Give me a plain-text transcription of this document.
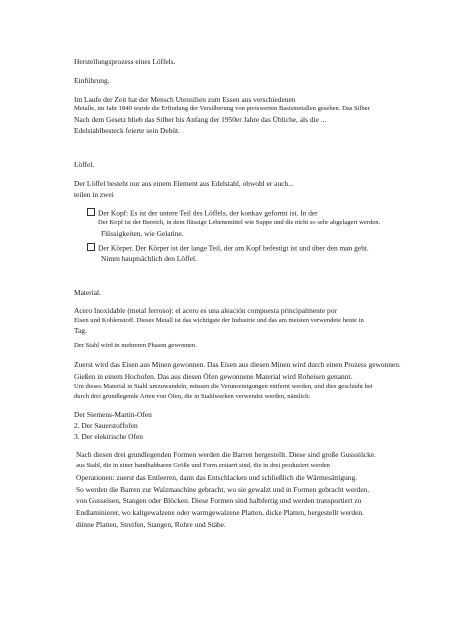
Herstellungsprozess eines Löffels.
Einführung.
Im Laufe der Zeit hat der Mensch Utensilien zum Essen aus verschiedenen
Metalle, im Jahr 1840 wurde die Erfindung der Versilberung von preiswerten Basismetallen gesehen. Das Silber
Nach dem Gesetz blieb das Silber bis Anfang der 1950er Jahre das Übliche, als die ...
Edelstahlbesteck feierte sein Debüt.
Löffel.
Der Löffel besteht nur aus einem Element aus Edelstahl, obwohl er auch...
teilen in zwei
Der Kopf: Es ist der untere Teil des Löffels, der konkav geformt ist. In der
Der Kopf ist der Bereich, in dem flüssige Lebensmittel wie Suppe und die nicht so sehr abgelagert werden.
Flüssigkeiten, wie Gelatine.
Der Körper. Der Körper ist der lange Teil, der am Kopf befestigt ist und über den man geht.
Nimm hauptsächlich den Löffel.
Material.
Acero Inoxidable (metal ferroso): el acero es una aleación compuesta principalmente por
Eisen und Kohlenstoff. Dieses Metall ist das wichtigste der Industrie und das am meisten verwendete heute in
Tag.
Der Stahl wird in mehreren Phasen gewonnen.
Zuerst wird das Eisen aus Minen gewonnen. Das Eisen aus diesen Minen wird durch einen Prozess gewonnen.
Gießen in einem Hochofen. Das aus diesen Öfen gewonnene Material wird Roheisen genannt.
Um dieses Material in Stahl umzuwandeln, müssen die Verunreinigungen entfernt werden, und dies geschieht bei
durch drei grundlegende Arten von Öfen, die in Stahlwerken verwendet werden, nämlich:
Der Siemens-Martin-Ofen
2. Der Sauerstoffofen
3. Der elektrische Ofen
Nach diesen drei grundlegenden Formen werden die Barren hergestellt. Diese sind große Gussstücke.
aus Stahl, die in einer handhabbaren Größe und Form erstarrt sind, die in drei produziert werden
Operationen: zuerst das Entleeren, dann das Entschlacken und schließlich die Wärmesättigung.
So werden die Barren zur Walzmaschine gebracht, wo sie gewalzt und in Formen gebracht werden.
von Gusseisen, Stangen oder Blöcken. Diese Formen sind halbfertig und werden transportiert zu
Endlaminierer, wo kaltgewalzene oder warmgewalzene Platten, dicke Platten, hergestellt werden.
dünne Platten, Streifen, Stangen, Rohre und Stäbe.
